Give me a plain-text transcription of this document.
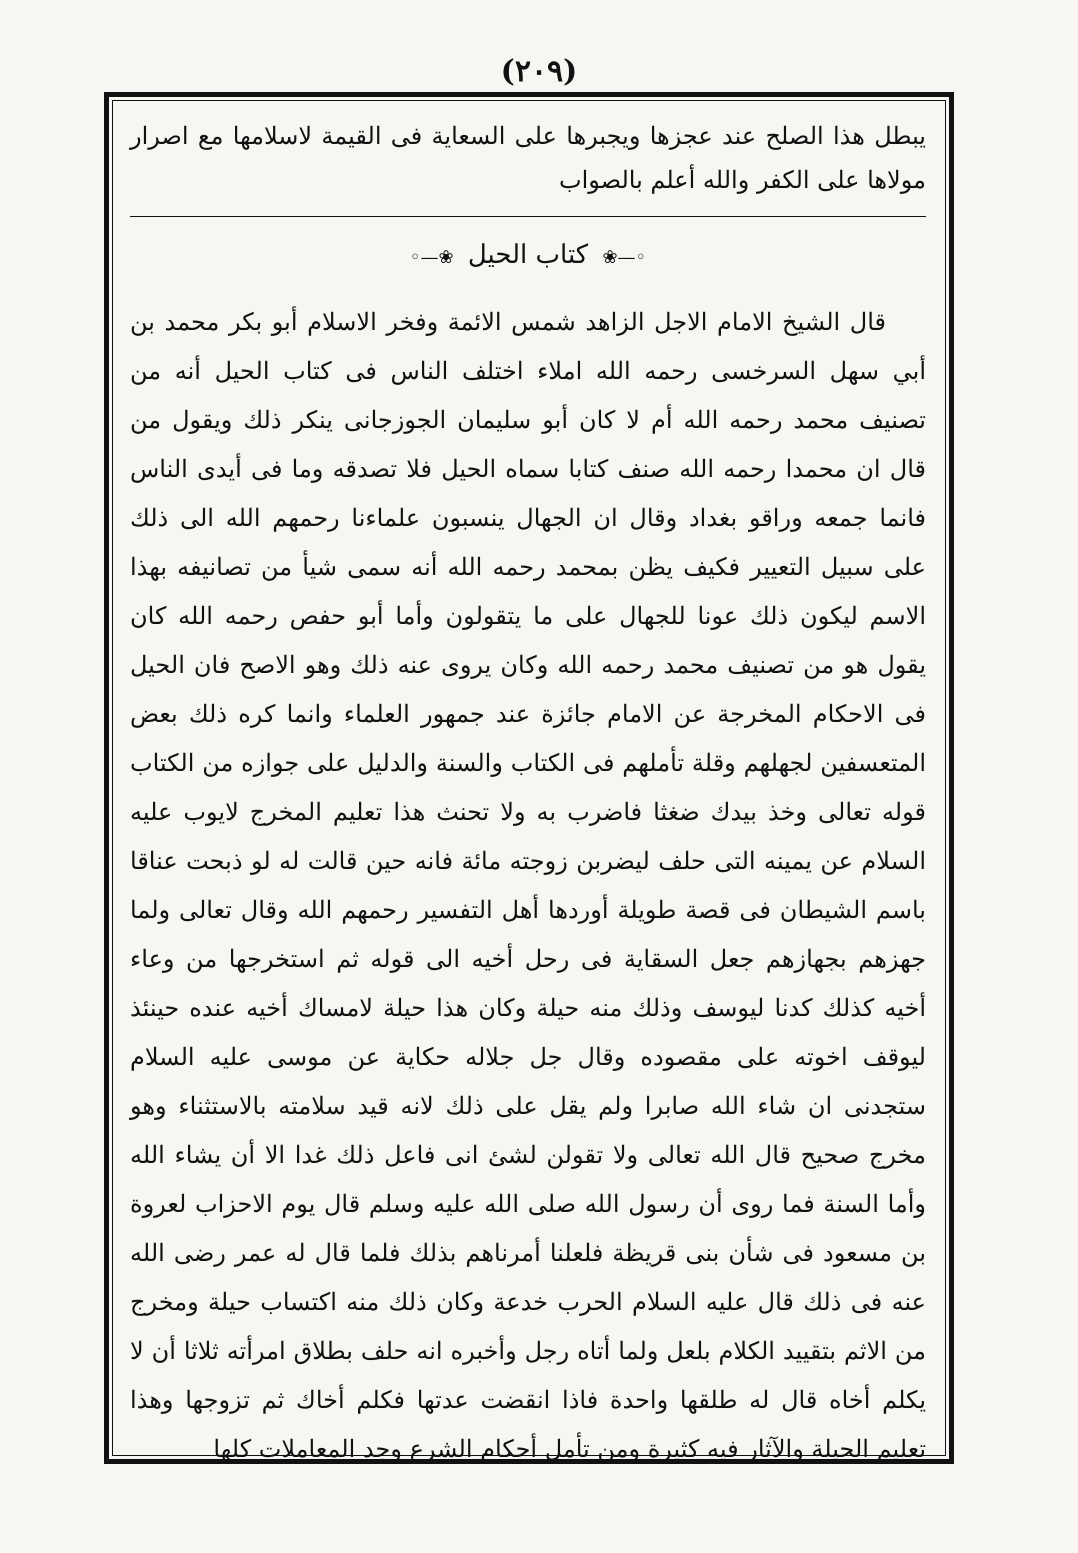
(۲۰۹)

يبطل هذا الصلح عند عجزها ويجبرها على السعاية فى القيمة لاسلامها مع اصرار مولاها على الكفر والله أعلم بالصواب

◦—❀ كتاب الحيل ❀—◦

قال الشيخ الامام الاجل الزاهد شمس الائمة وفخر الاسلام أبو بكر محمد بن أبي سهل السرخسى رحمه الله املاء اختلف الناس فى كتاب الحيل أنه من تصنيف محمد رحمه الله أم لا كان أبو سليمان الجوزجانى ينكر ذلك ويقول من قال ان محمدا رحمه الله صنف كتابا سماه الحيل فلا تصدقه وما فى أيدى الناس فانما جمعه وراقو بغداد وقال ان الجهال ينسبون علماءنا رحمهم الله الى ذلك على سبيل التعيير فكيف يظن بمحمد رحمه الله أنه سمى شيأ من تصانيفه بهذا الاسم ليكون ذلك عونا للجهال على ما يتقولون وأما أبو حفص رحمه الله كان يقول هو من تصنيف محمد رحمه الله وكان يروى عنه ذلك وهو الاصح فان الحيل فى الاحكام المخرجة عن الامام جائزة عند جمهور العلماء وانما كره ذلك بعض المتعسفين لجهلهم وقلة تأملهم فى الكتاب والسنة والدليل على جوازه من الكتاب قوله تعالى وخذ بيدك ضغثا فاضرب به ولا تحنث هذا تعليم المخرج لايوب عليه السلام عن يمينه التى حلف ليضربن زوجته مائة فانه حين قالت له لو ذبحت عناقا باسم الشيطان فى قصة طويلة أوردها أهل التفسير رحمهم الله وقال تعالى ولما جهزهم بجهازهم جعل السقاية فى رحل أخيه الى قوله ثم استخرجها من وعاء أخيه كذلك كدنا ليوسف وذلك منه حيلة وكان هذا حيلة لامساك أخيه عنده حينئذ ليوقف اخوته على مقصوده وقال جل جلاله حكاية عن موسى عليه السلام ستجدنى ان شاء الله صابرا ولم يقل على ذلك لانه قيد سلامته بالاستثناء وهو مخرج صحيح قال الله تعالى ولا تقولن لشئ انى فاعل ذلك غدا الا أن يشاء الله وأما السنة فما روى أن رسول الله صلى الله عليه وسلم قال يوم الاحزاب لعروة بن مسعود فى شأن بنى قريظة فلعلنا أمرناهم بذلك فلما قال له عمر رضى الله عنه فى ذلك قال عليه السلام الحرب خدعة وكان ذلك منه اكتساب حيلة ومخرج من الاثم بتقييد الكلام بلعل ولما أتاه رجل وأخبره انه حلف بطلاق امرأته ثلاثا أن لا يكلم أخاه قال له طلقها واحدة فاذا انقضت عدتها فكلم أخاك ثم تزوجها وهذا تعليم الحيلة والآثار فيه كثيرة ومن تأمل أحكام الشرع وجد المعاملات كلها
